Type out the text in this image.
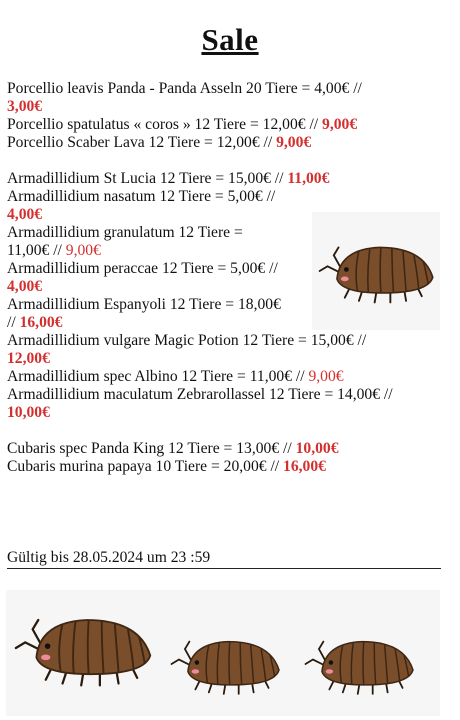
Sale
Porcellio leavis Panda - Panda Asseln 20 Tiere = 4,00€ //
3,00€
Porcellio spatulatus « coros » 12 Tiere = 12,00€ // 9,00€
Porcellio Scaber Lava 12 Tiere = 12,00€ // 9,00€
Armadillidium St Lucia 12 Tiere = 15,00€ // 11,00€
Armadillidium nasatum 12 Tiere = 5,00€ //
4,00€
Armadillidium granulatum 12 Tiere =
11,00€ // 9,00€
Armadillidium peraccae 12 Tiere = 5,00€ //
4,00€
Armadillidium Espanyoli 12 Tiere = 18,00€
// 16,00€
Armadillidium vulgare Magic Potion 12 Tiere = 15,00€ //
12,00€
Armadillidium spec Albino 12 Tiere = 11,00€ // 9,00€
Armadillidium maculatum Zebrarollassel 12 Tiere = 14,00€ //
10,00€
Cubaris spec Panda King 12 Tiere = 13,00€ // 10,00€
Cubaris murina papaya 10 Tiere = 20,00€ // 16,00€
Gültig bis 28.05.2024 um 23 :59
